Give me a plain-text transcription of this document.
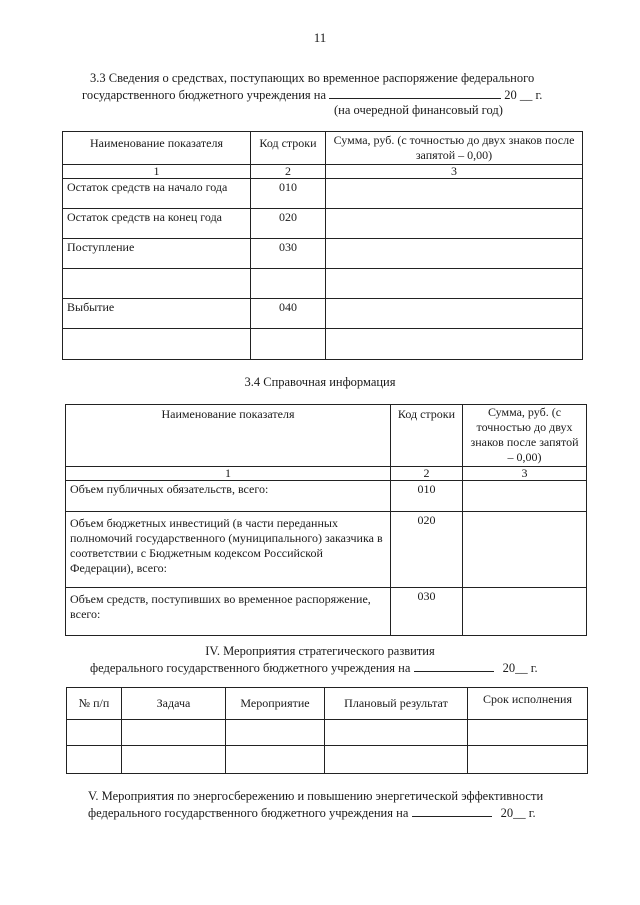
11
3.3 Сведения о средствах, поступающих во временное распоряжение федерального
государственного бюджетного учреждения на	20 __ г.
(на очередной финансовый год)
Наименование показателя	Код строки	Сумма, руб. (с точностью до двух знаков после запятой – 0,00)
1	2	3
Остаток средств на начало года	010	
Остаток средств на конец года	020	
Поступление	030	

Выбытие	040	

3.4 Справочная информация
Наименование показателя	Код строки	Сумма, руб. (с точностью до двух знаков после запятой – 0,00)
1	2	3
Объем публичных обязательств, всего:	010	
Объем бюджетных инвестиций (в части переданных полномочий государственного (муниципального) заказчика в соответствии с Бюджетным кодексом Российской Федерации), всего:	020	
Объем средств, поступивших во временное распоряжение, всего:	030	
IV. Мероприятия стратегического развития
федерального государственного бюджетного учреждения на	20__ г.
№ п/п	Задача	Мероприятие	Плановый результат	Срок исполнения

V. Мероприятия по энергосбережению и повышению энергетической эффективности
федерального государственного бюджетного учреждения на	20__ г.
